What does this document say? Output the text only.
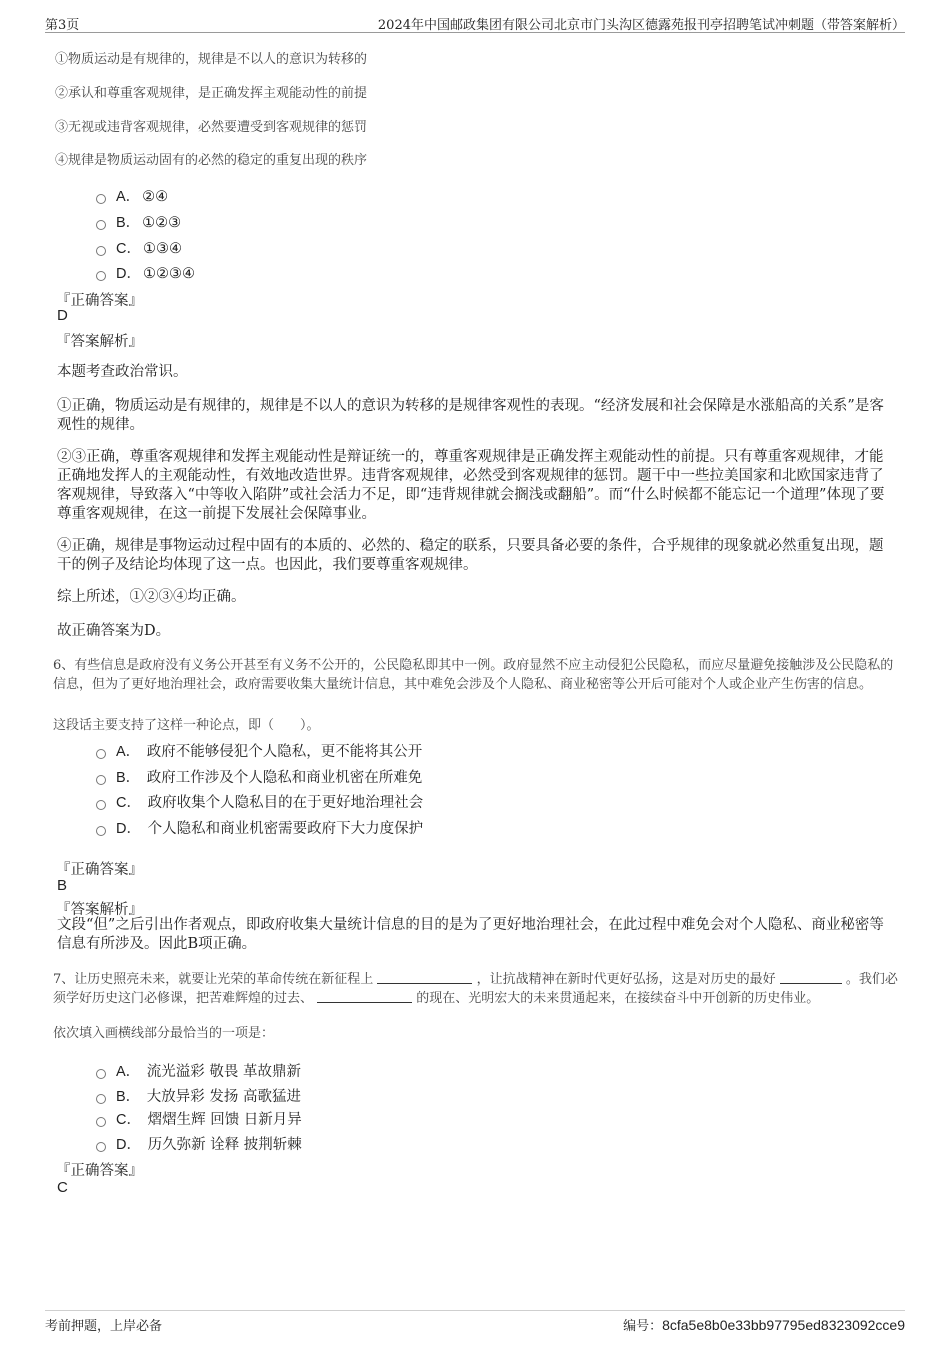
第3页	2024年中国邮政集团有限公司北京市门头沟区德露苑报刊亭招聘笔试冲刺题（带答案解析）
①物质运动是有规律的，规律是不以人的意识为转移的
②承认和尊重客观规律，是正确发挥主观能动性的前提
③无视或违背客观规律，必然要遭受到客观规律的惩罚
④规律是物质运动固有的必然的稳定的重复出现的秩序
A． ②④
B． ①②③
C． ①③④
D． ①②③④
『正确答案』
D
『答案解析』
本题考查政治常识。
①正确，物质运动是有规律的，规律是不以人的意识为转移的是规律客观性的表现。“经济发展和社会保障是水涨船高的关系”是客观性的规律。
②③正确，尊重客观规律和发挥主观能动性是辩证统一的，尊重客观规律是正确发挥主观能动性的前提。只有尊重客观规律，才能正确地发挥人的主观能动性，有效地改造世界。违背客观规律，必然受到客观规律的惩罚。题干中一些拉美国家和北欧国家违背了客观规律，导致落入“中等收入陷阱”或社会活力不足，即“违背规律就会搁浅或翻船”。而“什么时候都不能忘记一个道理”体现了要尊重客观规律，在这一前提下发展社会保障事业。
④正确，规律是事物运动过程中固有的本质的、必然的、稳定的联系，只要具备必要的条件，合乎规律的现象就必然重复出现，题干的例子及结论均体现了这一点。也因此，我们要尊重客观规律。
综上所述，①②③④均正确。
故正确答案为D。
6、有些信息是政府没有义务公开甚至有义务不公开的，公民隐私即其中一例。政府显然不应主动侵犯公民隐私，而应尽量避免接触涉及公民隐私的信息，但为了更好地治理社会，政府需要收集大量统计信息，其中难免会涉及个人隐私、商业秘密等公开后可能对个人或企业产生伤害的信息。
这段话主要支持了这样一种论点，即（　　）。
A． 政府不能够侵犯个人隐私，更不能将其公开
B． 政府工作涉及个人隐私和商业机密在所难免
C． 政府收集个人隐私目的在于更好地治理社会
D． 个人隐私和商业机密需要政府下大力度保护
『正确答案』
B
『答案解析』
文段“但”之后引出作者观点，即政府收集大量统计信息的目的是为了更好地治理社会，在此过程中难免会对个人隐私、商业秘密等信息有所涉及。因此B项正确。
7、让历史照亮未来，就要让光荣的革命传统在新征程上	，让抗战精神在新时代更好弘扬，这是对历史的最好	。我们必须学好历史这门必修课，把苦难辉煌的过去、	的现在、光明宏大的未来贯通起来，在接续奋斗中开创新的历史伟业。
依次填入画横线部分最恰当的一项是：
A． 流光溢彩 敬畏 革故鼎新
B． 大放异彩 发扬 高歌猛进
C． 熠熠生辉 回馈 日新月异
D． 历久弥新 诠释 披荆斩棘
『正确答案』
C
考前押题，上岸必备	编号：8cfa5e8b0e33bb97795ed8323092cce9
